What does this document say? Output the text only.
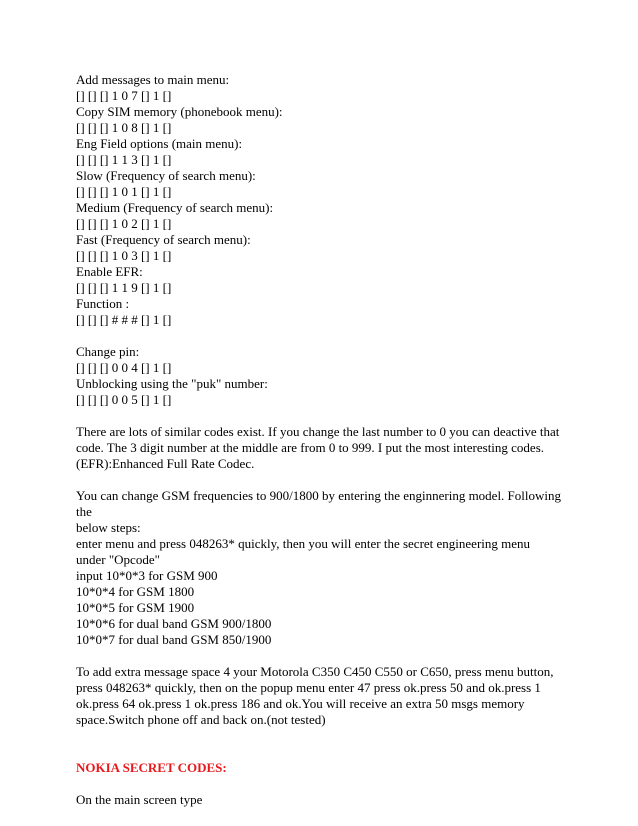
Add messages to main menu:
[] [] [] 1 0 7 [] 1 []
Copy SIM memory (phonebook menu):
[] [] [] 1 0 8 [] 1 []
Eng Field options (main menu):
[] [] [] 1 1 3 [] 1 []
Slow (Frequency of search menu):
[] [] [] 1 0 1 [] 1 []
Medium (Frequency of search menu):
[] [] [] 1 0 2 [] 1 []
Fast (Frequency of search menu):
[] [] [] 1 0 3 [] 1 []
Enable EFR:
[] [] [] 1 1 9 [] 1 []
Function :
[] [] [] # # # [] 1 []
Change pin:
[] [] [] 0 0 4 [] 1 []
Unblocking using the "puk" number:
[] [] [] 0 0 5 [] 1 []
There are lots of similar codes exist. If you change the last number to 0 you can deactive that
code. The 3 digit number at the middle are from 0 to 999. I put the most interesting codes.
(EFR):Enhanced Full Rate Codec.
You can change GSM frequencies to 900/1800 by entering the enginnering model. Following the
below steps:
enter menu and press 048263* quickly, then you will enter the secret engineering menu
under "Opcode"
input 10*0*3 for GSM 900
10*0*4 for GSM 1800
10*0*5 for GSM 1900
10*0*6 for dual band GSM 900/1800
10*0*7 for dual band GSM 850/1900
To add extra message space 4 your Motorola C350 C450 C550 or C650, press menu button,
press 048263* quickly, then on the popup menu enter 47 press ok.press 50 and ok.press 1
ok.press 64 ok.press 1 ok.press 186 and ok.You will receive an extra 50 msgs memory
space.Switch phone off and back on.(not tested)
NOKIA SECRET CODES:
On the main screen type
